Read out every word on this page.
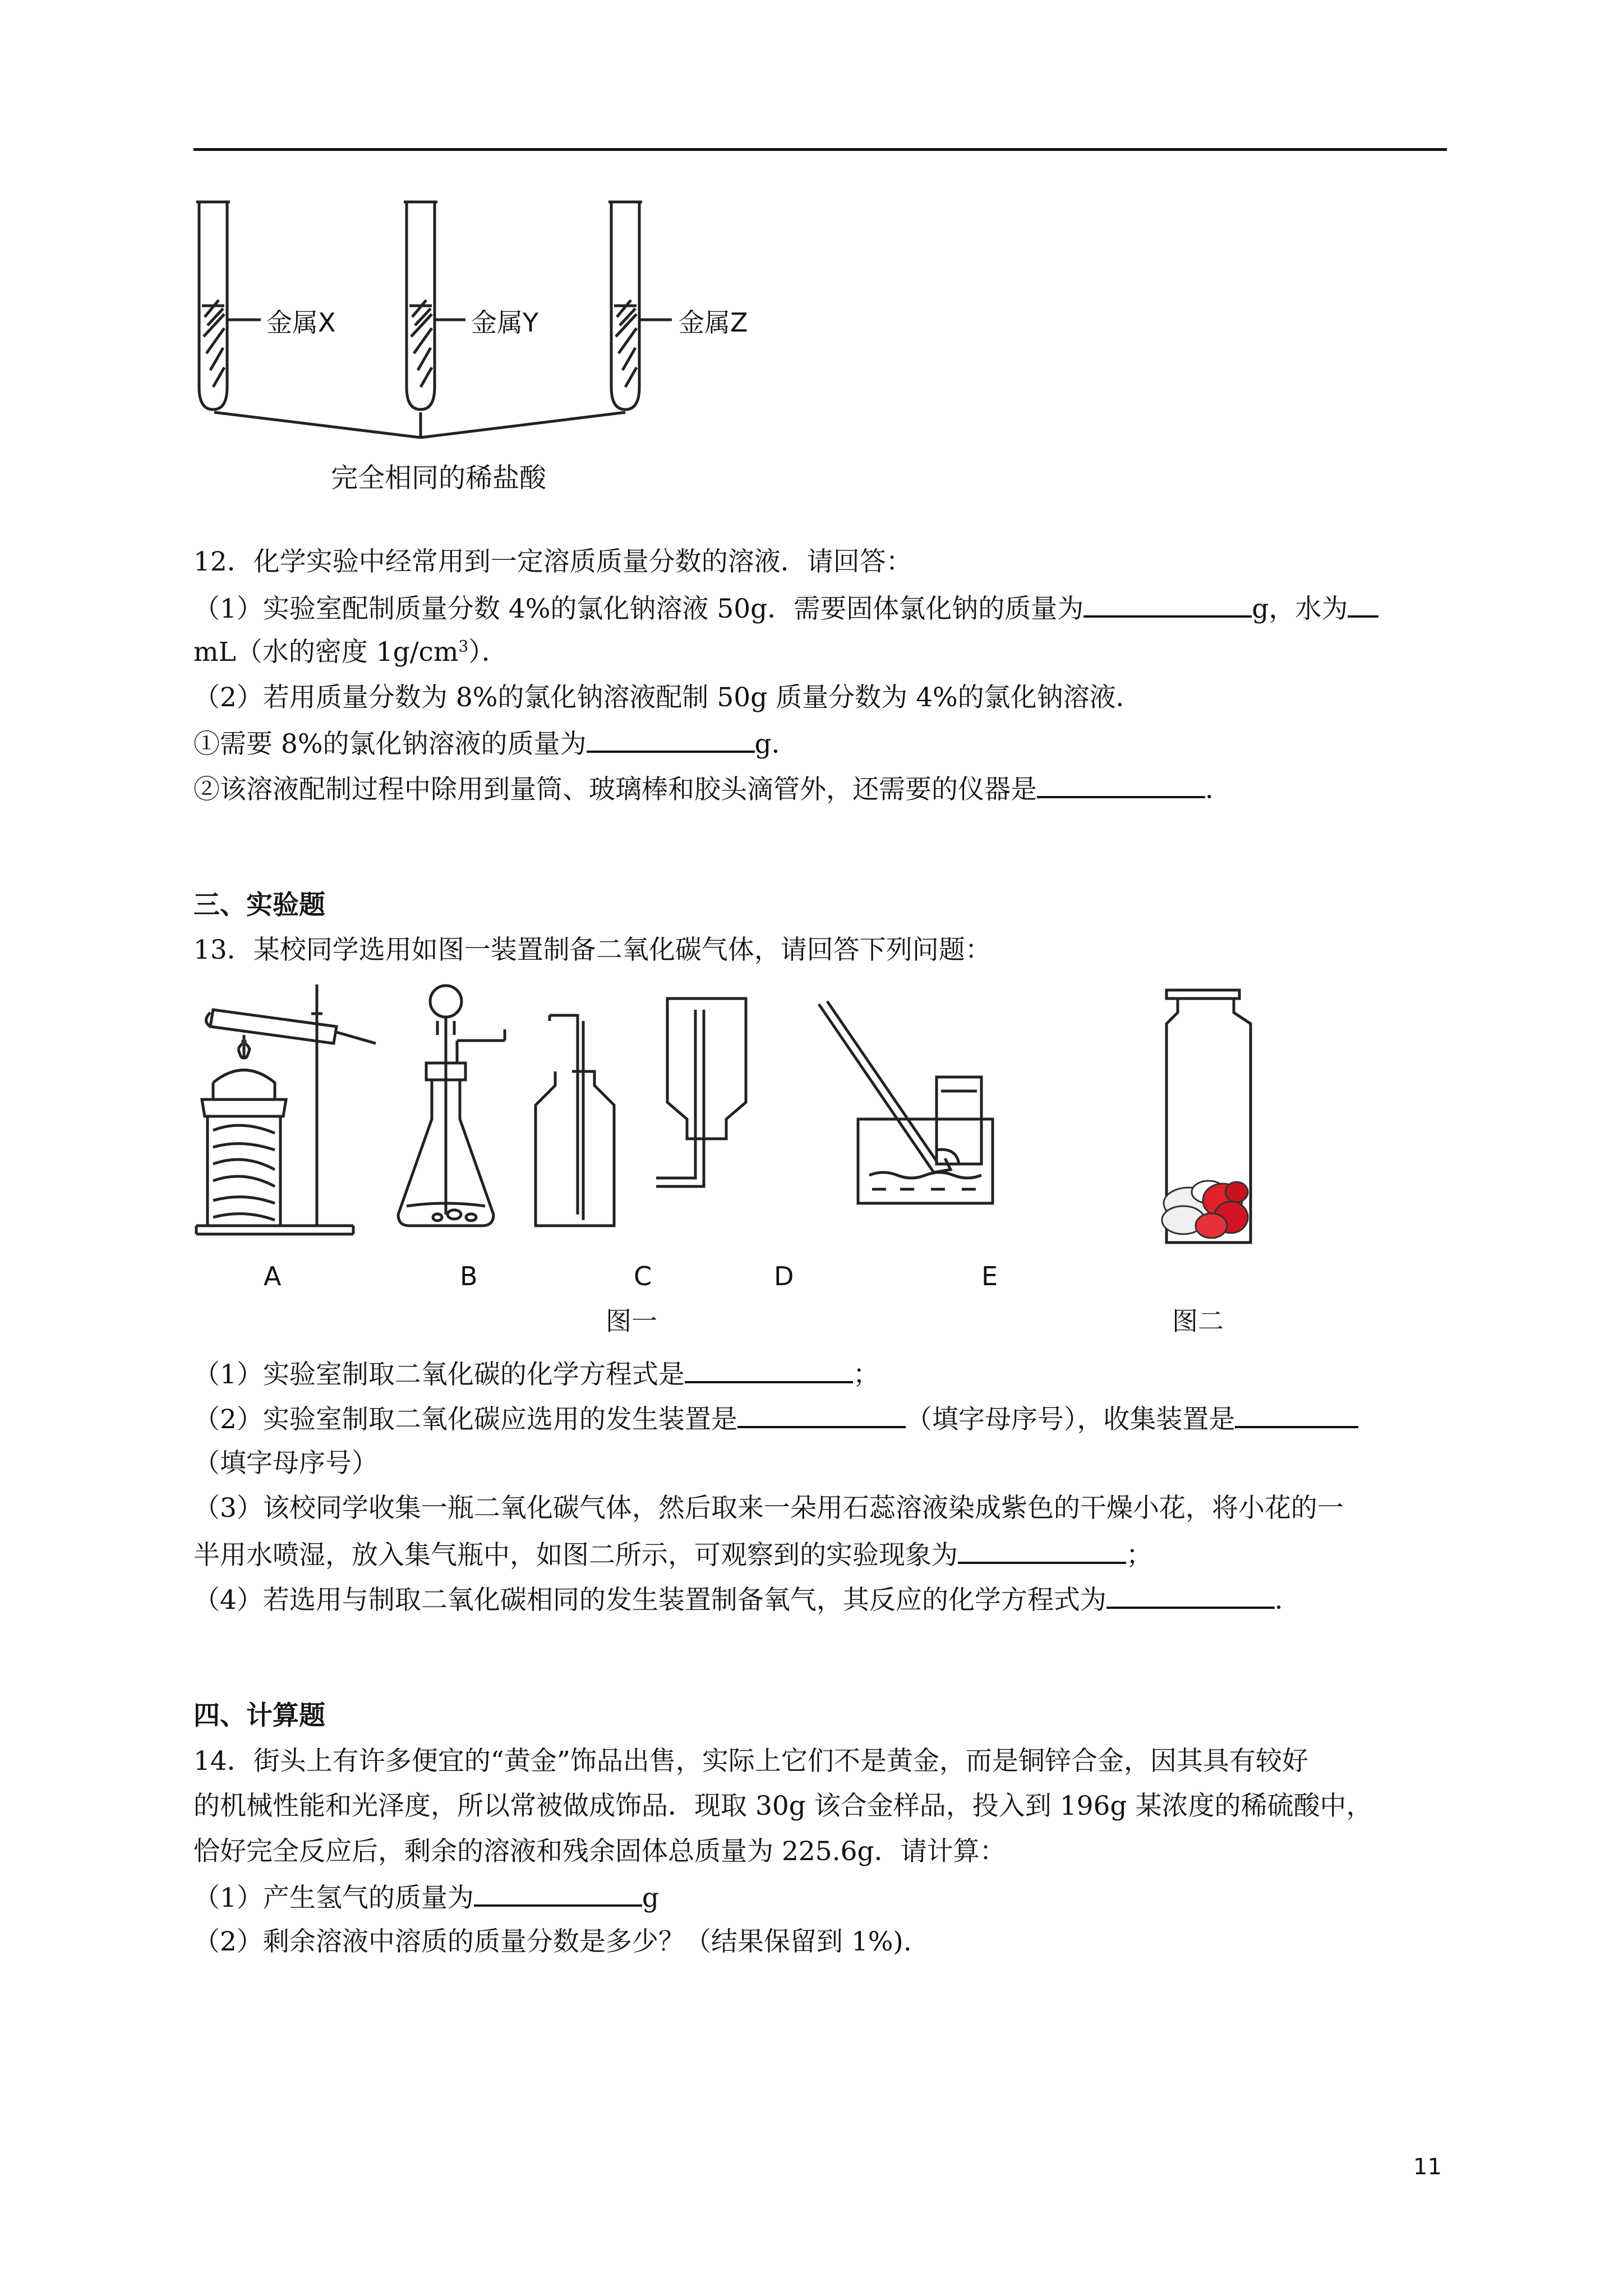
金属X	金属Y	金属Z
完全相同的稀盐酸
12．化学实验中经常用到一定溶质质量分数的溶液．请回答：
（1）实验室配制质量分数 4%的氯化钠溶液 50g．需要固体氯化钠的质量为	g，水为
mL（水的密度 $1g/cm^3$）．
（2）若用质量分数为 8%的氯化钠溶液配制 50g 质量分数为 4%的氯化钠溶液．
①需要 8%的氯化钠溶液的质量为	g．
②该溶液配制过程中除用到量筒、玻璃棒和胶头滴管外，还需要的仪器是	．
三、实验题
13．某校同学选用如图一装置制备二氧化碳气体，请回答下列问题：
A	B	C	D	E
图一	图二
（1）实验室制取二氧化碳的化学方程式是	；
（2）实验室制取二氧化碳应选用的发生装置是	（填字母序号），收集装置是
（填字母序号）
（3）该校同学收集一瓶二氧化碳气体，然后取来一朵用石蕊溶液染成紫色的干燥小花，将小花的一
半用水喷湿，放入集气瓶中，如图二所示，可观察到的实验现象为	；
（4）若选用与制取二氧化碳相同的发生装置制备氧气，其反应的化学方程式为	．
四、计算题
14．街头上有许多便宜的“黄金”饰品出售，实际上它们不是黄金，而是铜锌合金，因其具有较好
的机械性能和光泽度，所以常被做成饰品．现取 30g 该合金样品，投入到 196g 某浓度的稀硫酸中，
恰好完全反应后，剩余的溶液和残余固体总质量为 225.6g．请计算：
（1）产生氢气的质量为	g
（2）剩余溶液中溶质的质量分数是多少？（结果保留到 1%).
11
